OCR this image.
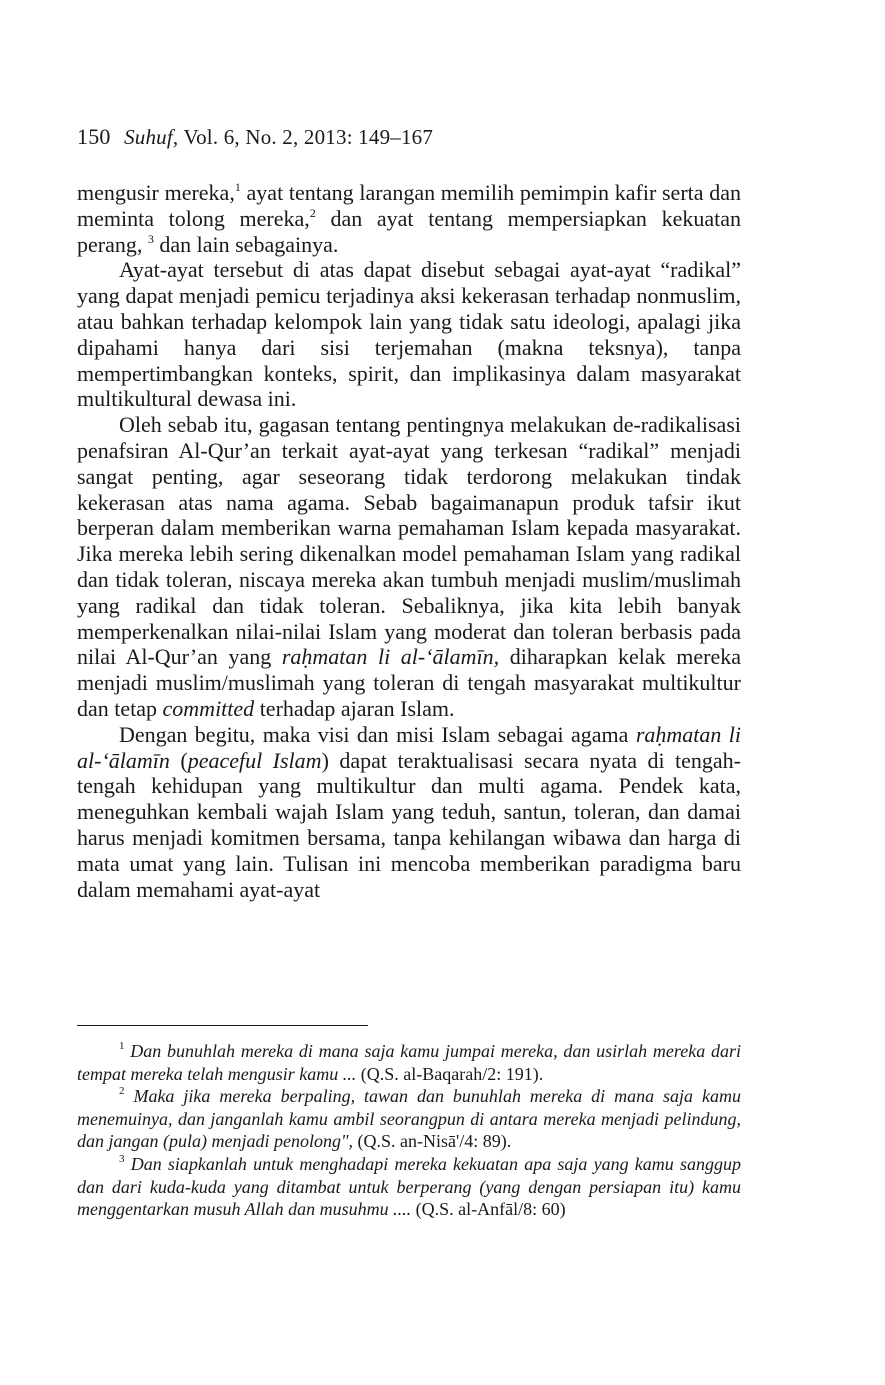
150 Suhuf, Vol. 6, No. 2, 2013: 149–167

mengusir mereka,$^1$ ayat tentang larangan memilih pemimpin kafir serta dan meminta tolong mereka,$^2$ dan ayat tentang mempersiapkan kekuatan perang, $^3$ dan lain sebagainya.

Ayat-ayat tersebut di atas dapat disebut sebagai ayat-ayat “radikal” yang dapat menjadi pemicu terjadinya aksi kekerasan terhadap nonmuslim, atau bahkan terhadap kelompok lain yang tidak satu ideologi, apalagi jika dipahami hanya dari sisi terjemahan (makna teksnya), tanpa mempertimbangkan konteks, spirit, dan implikasinya dalam masyarakat multikultural dewasa ini.

Oleh sebab itu, gagasan tentang pentingnya melakukan de-radikalisasi penafsiran Al-Qur’an terkait ayat-ayat yang terkesan “radikal” menjadi sangat penting, agar seseorang tidak terdorong melakukan tindak kekerasan atas nama agama. Sebab bagaimanapun produk tafsir ikut berperan dalam memberikan warna pemahaman Islam kepada masyarakat. Jika mereka lebih sering dikenalkan model pemahaman Islam yang radikal dan tidak toleran, niscaya mereka akan tumbuh menjadi muslim/muslimah yang radikal dan tidak toleran. Sebaliknya, jika kita lebih banyak memperkenalkan nilai-nilai Islam yang moderat dan toleran berbasis pada nilai Al-Qur’an yang raḥmatan li al-‘ālamīn, diharapkan kelak mereka menjadi muslim/muslimah yang toleran di tengah masyarakat multikultur dan tetap committed terhadap ajaran Islam.

Dengan begitu, maka visi dan misi Islam sebagai agama raḥmatan li al-‘ālamīn (peaceful Islam) dapat teraktualisasi secara nyata di tengah-tengah kehidupan yang multikultur dan multi agama. Pendek kata, meneguhkan kembali wajah Islam yang teduh, santun, toleran, dan damai harus menjadi komitmen bersama, tanpa kehilangan wibawa dan harga di mata umat yang lain. Tulisan ini mencoba memberikan paradigma baru dalam memahami ayat-ayat

$^1$ Dan bunuhlah mereka di mana saja kamu jumpai mereka, dan usirlah mereka dari tempat mereka telah mengusir kamu ... (Q.S. al-Baqarah/2: 191).

$^2$ Maka jika mereka berpaling, tawan dan bunuhlah mereka di mana saja kamu menemuinya, dan janganlah kamu ambil seorangpun di antara mereka menjadi pelindung, dan jangan (pula) menjadi penolong", (Q.S. an-Nisā'/4: 89).

$^3$ Dan siapkanlah untuk menghadapi mereka kekuatan apa saja yang kamu sanggup dan dari kuda-kuda yang ditambat untuk berperang (yang dengan persiapan itu) kamu menggentarkan musuh Allah dan musuhmu .... (Q.S. al-Anfāl/8: 60)
